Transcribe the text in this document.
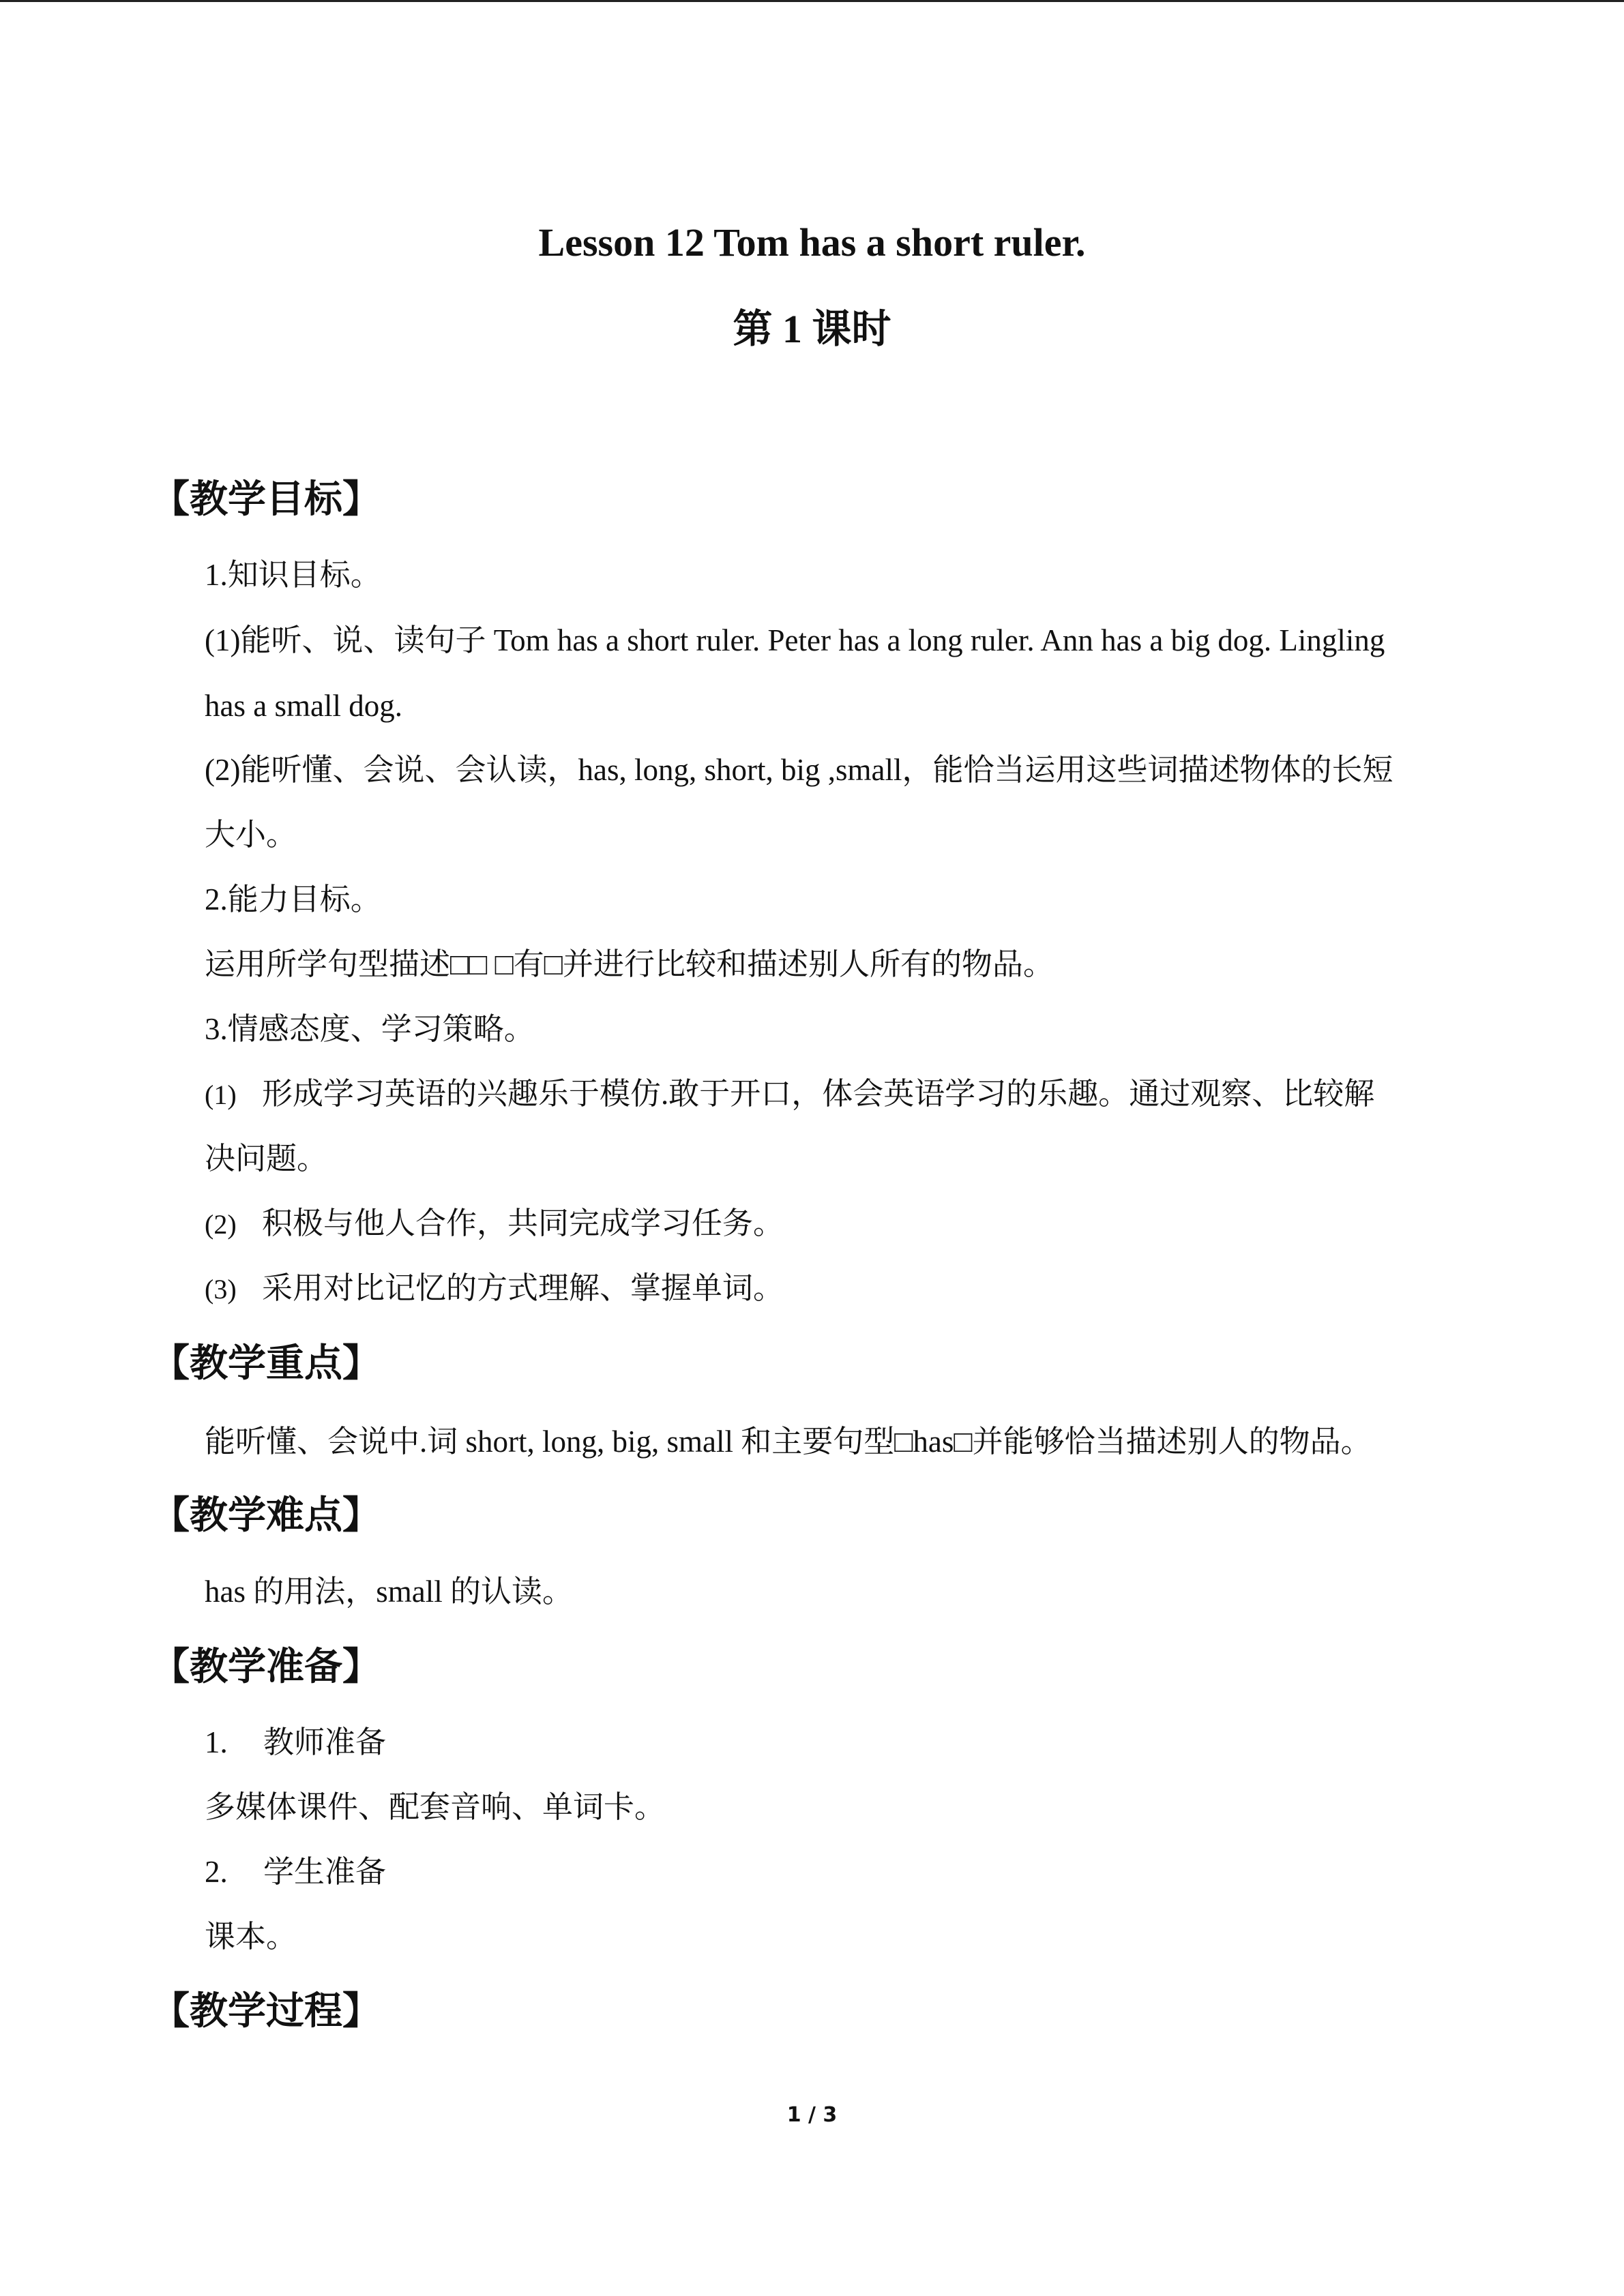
Lesson 12 Tom has a short ruler.
第 1 课时
【教学目标】
1.知识目标。
(1)能听、说、读句子 Tom has a short ruler. Peter has a long ruler. Ann has a big dog. Lingling
has a small dog.
(2)能听懂、会说、会认读，has, long, short, big ,small，能恰当运用这些词描述物体的长短
大小。
2.能力目标。
运用所学句型描述□□ □有□并进行比较和描述别人所有的物品。
3.情感态度、学习策略。
(1) 形成学习英语的兴趣乐于模仿.敢于开口，体会英语学习的乐趣。通过观察、比较解
决问题。
(2) 积极与他人合作，共同完成学习任务。
(3) 采用对比记忆的方式理解、掌握单词。
【教学重点】
能听懂、会说中.词 short, long, big, small 和主要句型□has□并能够恰当描述别人的物品。
【教学难点】
has 的用法，small 的认读。
【教学准备】
1. 教师准备
多媒体课件、配套音响、单词卡。
2. 学生准备
课本。
【教学过程】
1 / 3
